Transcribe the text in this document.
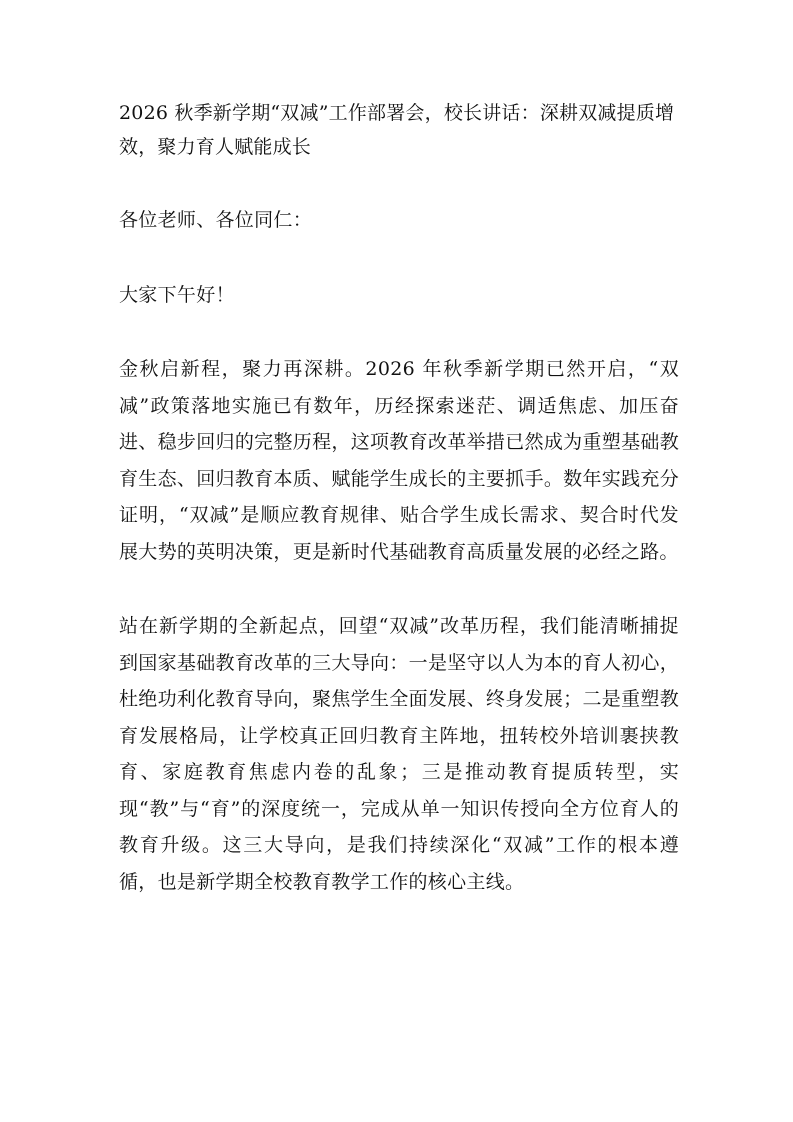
2026 秋季新学期“双减”工作部署会，校长讲话：深耕双减提质增效，聚力育人赋能成长

各位老师、各位同仁：

大家下午好！

金秋启新程，聚力再深耕。2026 年秋季新学期已然开启，“双减”政策落地实施已有数年，历经探索迷茫、调适焦虑、加压奋进、稳步回归的完整历程，这项教育改革举措已然成为重塑基础教育生态、回归教育本质、赋能学生成长的主要抓手。数年实践充分证明，“双减”是顺应教育规律、贴合学生成长需求、契合时代发展大势的英明决策，更是新时代基础教育高质量发展的必经之路。

站在新学期的全新起点，回望“双减”改革历程，我们能清晰捕捉到国家基础教育改革的三大导向：一是坚守以人为本的育人初心，杜绝功利化教育导向，聚焦学生全面发展、终身发展；二是重塑教育发展格局，让学校真正回归教育主阵地，扭转校外培训裹挟教育、家庭教育焦虑内卷的乱象；三是推动教育提质转型，实现“教”与“育”的深度统一，完成从单一知识传授向全方位育人的教育升级。这三大导向，是我们持续深化“双减”工作的根本遵循，也是新学期全校教育教学工作的核心主线。
